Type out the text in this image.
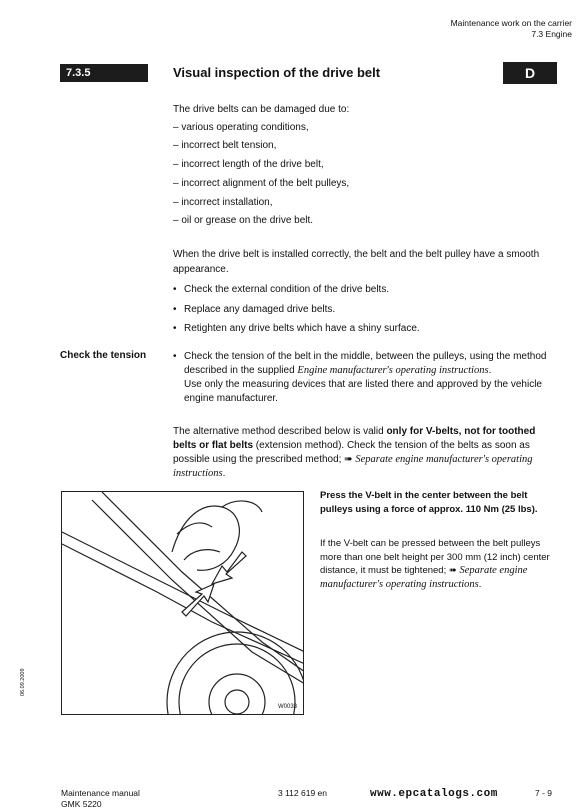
Maintenance work on the carrier
7.3 Engine
7.3.5	Visual inspection of the drive belt	D
The drive belts can be damaged due to:
– various operating conditions,
– incorrect belt tension,
– incorrect length of the drive belt,
– incorrect alignment of the belt pulleys,
– incorrect installation,
– oil or grease on the drive belt.
When the drive belt is installed correctly, the belt and the belt pulley have a smooth appearance.
• Check the external condition of the drive belts.
• Replace any damaged drive belts.
• Retighten any drive belts which have a shiny surface.
Check the tension	• Check the tension of the belt in the middle, between the pulleys, using the method described in the supplied Engine manufacturer's operating instructions.
Use only the measuring devices that are listed there and approved by the vehicle engine manufacturer.
The alternative method described below is valid only for V-belts, not for toothed belts or flat belts (extension method). Check the tension of the belts as soon as possible using the prescribed method; ➠ Separate engine manufacturer's operating instructions.
W0033
Press the V-belt in the center between the belt pulleys using a force of approx. 110 Nm (25 lbs).
If the V-belt can be pressed between the belt pulleys more than one belt height per 300 mm (12 inch) center distance, it must be tightened; ➠ Separate engine manufacturer's operating instructions.
06.09.2009
Maintenance manual
GMK 5220
3 112 619 en	www.epcatalogs.com	7 - 9
